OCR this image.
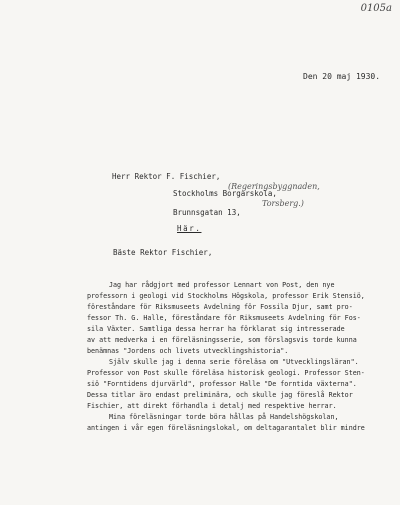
0105a
Den 20 maj 1930.
Herr Rektor F. Fischier,
Stockholms Borgarskola,
Brunnsgatan 13,
Här.
(Regeringsbyggnaden,
Torsberg.)
Bäste Rektor Fischier,

Jag har rådgjort med professor Lennart von Post, den nye

professorn i geologi vid Stockholms Högskola, professor Erik Stensiö,

föreståndare för Riksmuseets Avdelning för Fossila Djur, samt pro-

fessor Th. G. Halle, föreståndare för Riksmuseets Avdelning för Fos-

sila Växter. Samtliga dessa herrar ha förklarat sig intresserade

av att medverka i en föreläsningsserie, som förslagsvis torde kunna

benämnas "Jordens och livets utvecklingshistoria".

Själv skulle jag i denna serie föreläsa om "Utvecklingsläran".

Professor von Post skulle föreläsa historisk geologi. Professor Sten-

siö "Forntidens djurvärld", professor Halle "De forntida växterna".

Dessa titlar äro endast preliminära, och skulle jag föreslå Rektor

Fischier, att direkt förhandla i detalj med respektive herrar.

Mina föreläsningar torde böra hållas på Handelshögskolan,

antingen i vår egen föreläsningslokal, om deltagarantalet blir mindre
